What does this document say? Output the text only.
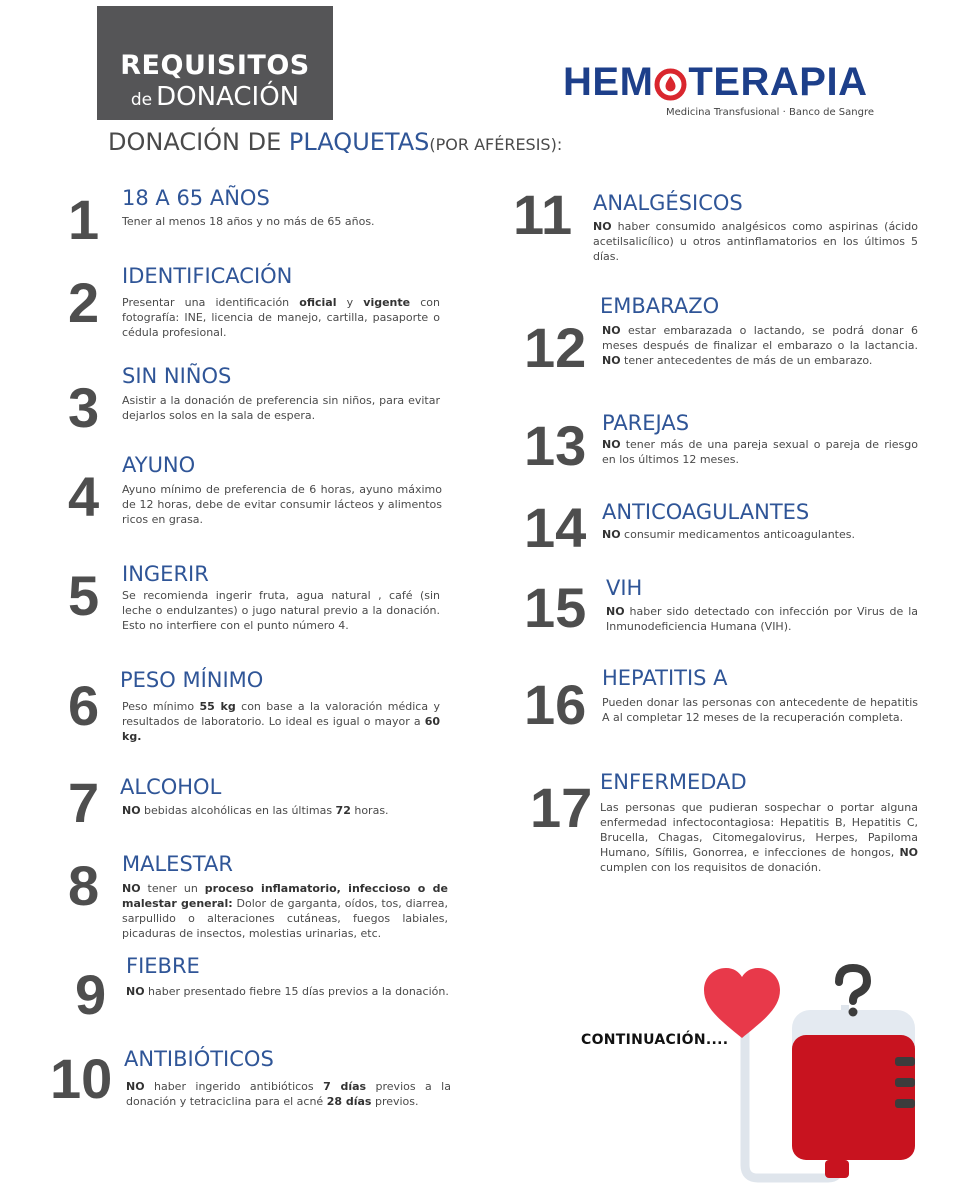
REQUISITOS
de DONACIÓN	HEM TERAPIA
Medicina Transfusional · Banco de Sangre
DONACIÓN DE PLAQUETAS(POR AFÉRESIS):
1 18 A 65 AÑOS
Tener al menos 18 años y no más de 65 años.
2 IDENTIFICACIÓN
Presentar una identificación oficial y vigente con fotografía: INE, licencia de manejo, cartilla, pasaporte o cédula profesional.
3 SIN NIÑOS
Asistir a la donación de preferencia sin niños, para evitar dejarlos solos en la sala de espera.
4 AYUNO
Ayuno mínimo de preferencia de 6 horas, ayuno máximo de 12 horas, debe de evitar consumir lácteos y alimentos ricos en grasa.
5 INGERIR
Se recomienda ingerir fruta, agua natural , café (sin leche o endulzantes) o jugo natural previo a la donación. Esto no interfiere con el punto número 4.
6 PESO MÍNIMO
Peso mínimo 55 kg con base a la valoración médica y resultados de laboratorio. Lo ideal es igual o mayor a 60 kg.
7 ALCOHOL
NO bebidas alcohólicas en las últimas 72 horas.
8 MALESTAR
NO tener un proceso inflamatorio, infeccioso o de malestar general: Dolor de garganta, oídos, tos, diarrea, sarpullido o alteraciones cutáneas, fuegos labiales, picaduras de insectos, molestias urinarias, etc.
9 FIEBRE
NO haber presentado fiebre 15 días previos a la donación.
10 ANTIBIÓTICOS
NO haber ingerido antibióticos 7 días previos a la donación y tetraciclina para el acné 28 días previos.
11 ANALGÉSICOS
NO haber consumido analgésicos como aspirinas (ácido acetilsalicílico) u otros antinflamatorios en los últimos 5 días.
12
EMBARAZO
NO estar embarazada o lactando, se podrá donar 6 meses después de finalizar el embarazo o la lactancia. NO tener antecedentes de más de un embarazo.
13 PAREJAS
NO tener más de una pareja sexual o pareja de riesgo en los últimos 12 meses.
14 ANTICOAGULANTES
NO consumir medicamentos anticoagulantes.
15 VIH
NO haber sido detectado con infección por Virus de la Inmunodeficiencia Humana (VIH).
16 HEPATITIS A
Pueden donar las personas con antecedente de hepatitis A al completar 12 meses de la recuperación completa.
17 ENFERMEDAD
Las personas que pudieran sospechar o portar alguna enfermedad infectocontagiosa: Hepatitis B, Hepatitis C, Brucella, Chagas, Citomegalovirus, Herpes, Papiloma Humano, Sífilis, Gonorrea, e infecciones de hongos, NO cumplen con los requisitos de donación.
CONTINUACIÓN....
